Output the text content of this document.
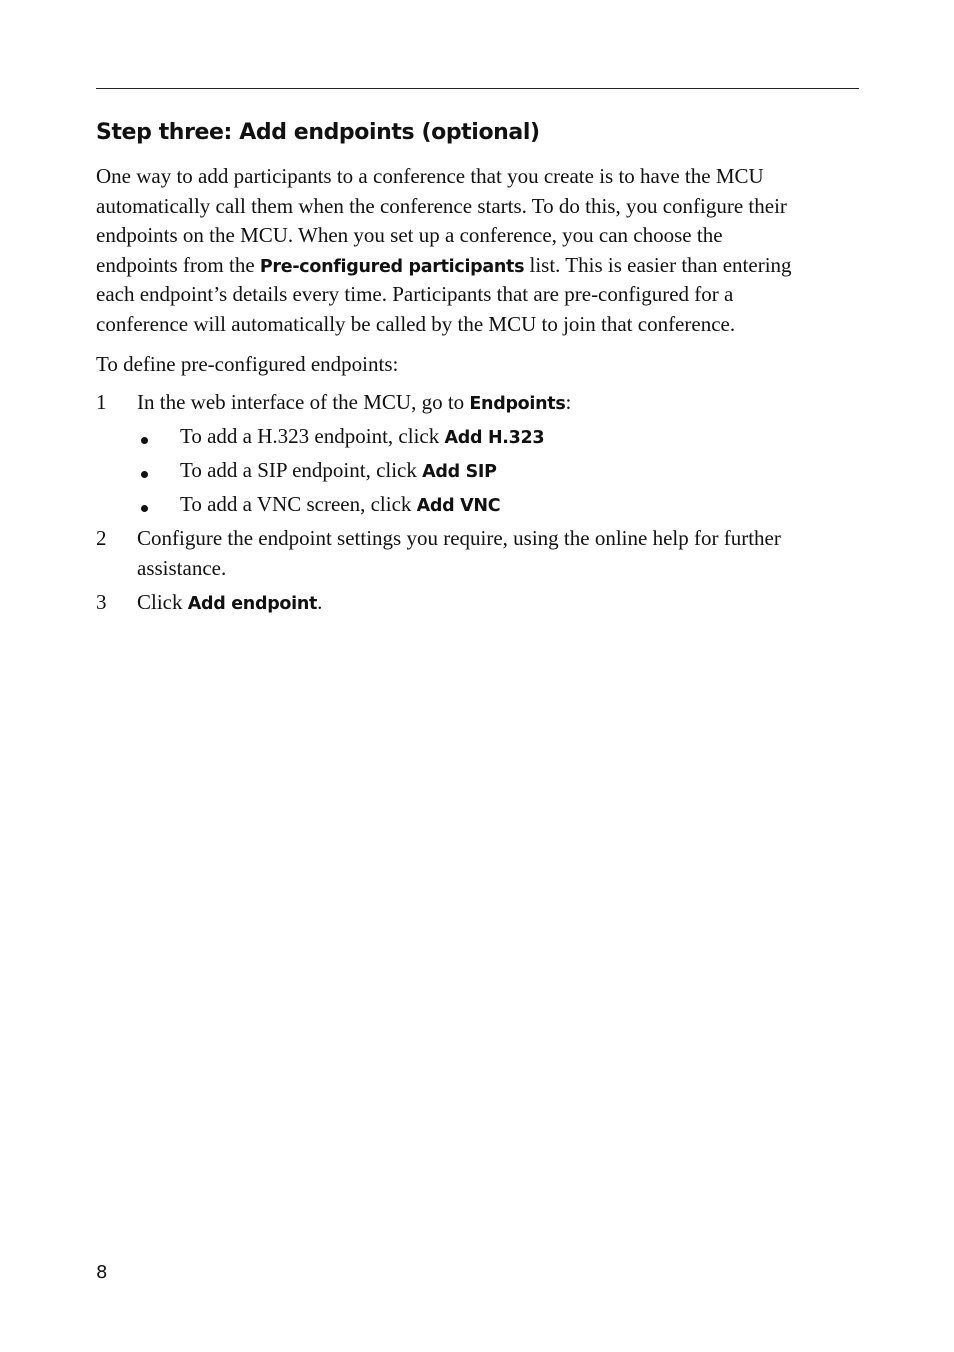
Step three: Add endpoints (optional)
One way to add participants to a conference that you create is to have the MCU
automatically call them when the conference starts. To do this, you configure their
endpoints on the MCU. When you set up a conference, you can choose the
endpoints from the Pre-configured participants list. This is easier than entering
each endpoint’s details every time. Participants that are pre-configured for a
conference will automatically be called by the MCU to join that conference.

To define pre-configured endpoints:

1 In the web interface of the MCU, go to Endpoints:
To add a H.323 endpoint, click Add H.323
To add a SIP endpoint, click Add SIP
To add a VNC screen, click Add VNC
2 Configure the endpoint settings you require, using the online help for further
assistance.
3 Click Add endpoint.
8
